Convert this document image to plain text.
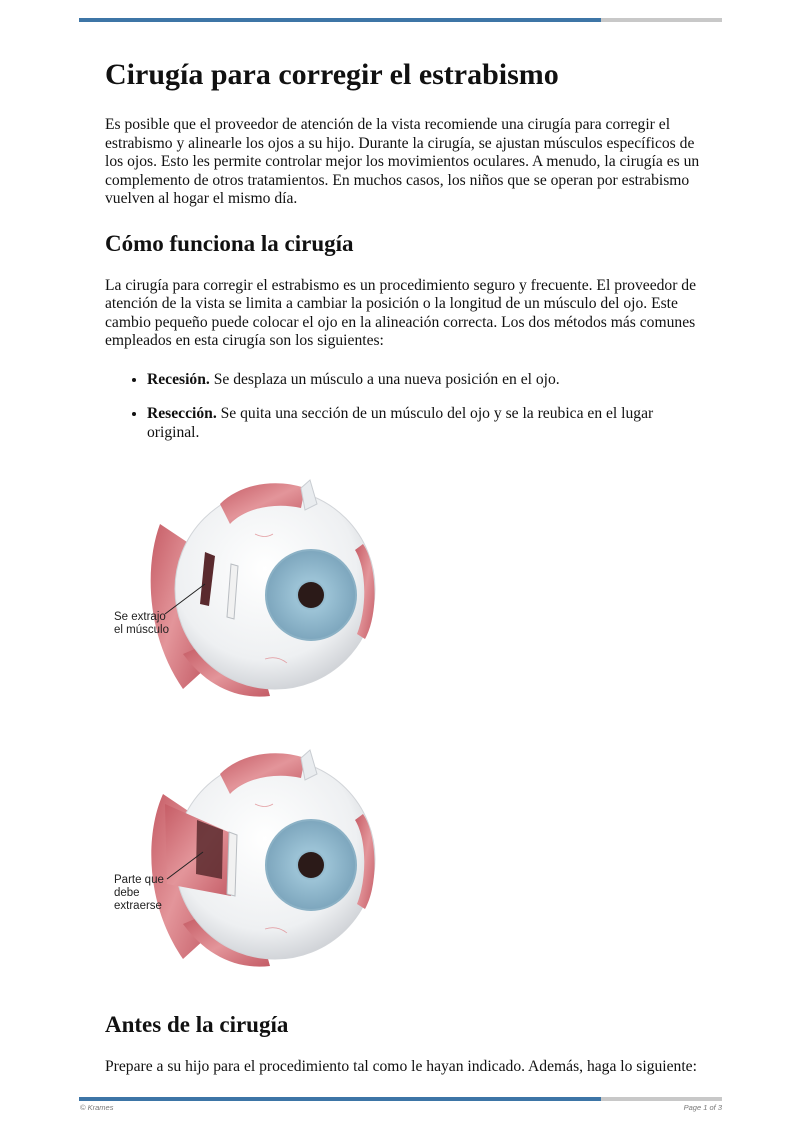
Cirugía para corregir el estrabismo

Es posible que el proveedor de atención de la vista recomiende una cirugía para corregir el estrabismo y alinearle los ojos a su hijo. Durante la cirugía, se ajustan músculos específicos de los ojos. Esto les permite controlar mejor los movimientos oculares. A menudo, la cirugía es un complemento de otros tratamientos. En muchos casos, los niños que se operan por estrabismo vuelven al hogar el mismo día.

Cómo funciona la cirugía

La cirugía para corregir el estrabismo es un procedimiento seguro y frecuente. El proveedor de atención de la vista se limita a cambiar la posición o la longitud de un músculo del ojo. Este cambio pequeño puede colocar el ojo en la alineación correcta. Los dos métodos más comunes empleados en esta cirugía son los siguientes:

• Recesión. Se desplaza un músculo a una nueva posición en el ojo.
• Resección. Se quita una sección de un músculo del ojo y se la reubica en el lugar original.
Se extrajo
el músculo
Parte que
debe
extraerse
Antes de la cirugía

Prepare a su hijo para el procedimiento tal como le hayan indicado. Además, haga lo siguiente:

© Krames	Page 1 of 3
